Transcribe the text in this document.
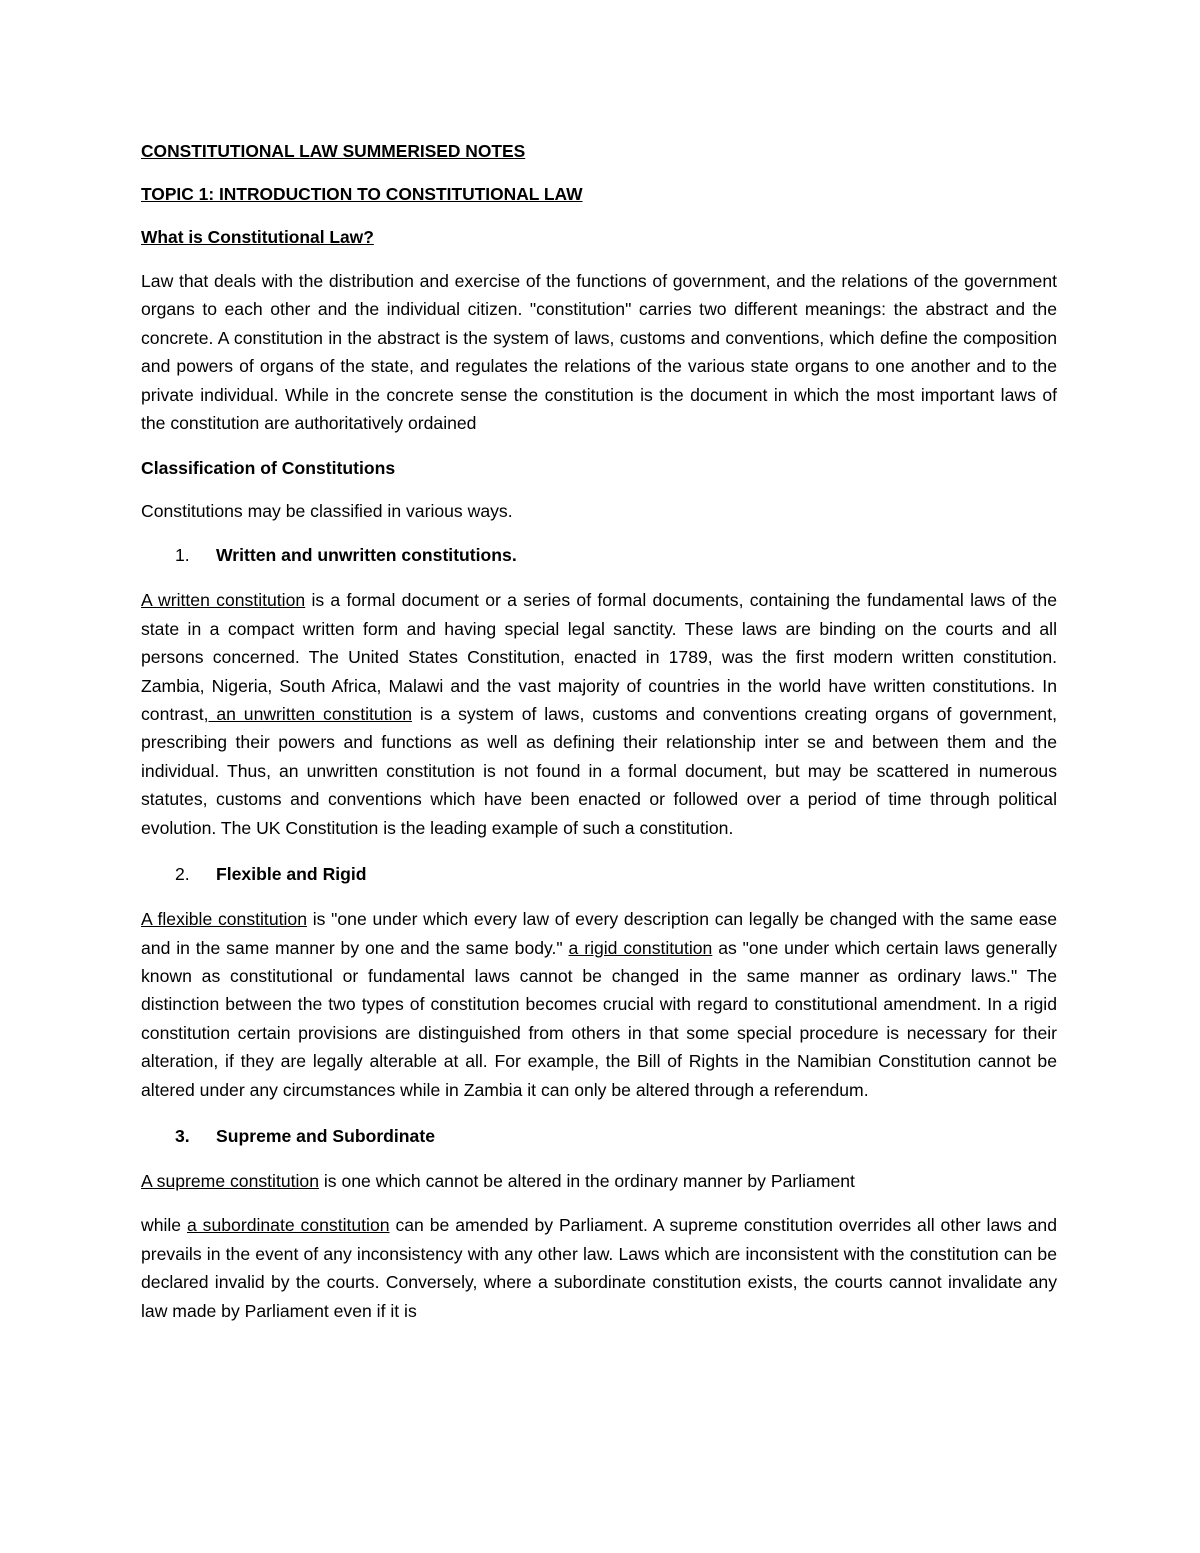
CONSTITUTIONAL LAW SUMMERISED NOTES

TOPIC 1: INTRODUCTION TO CONSTITUTIONAL LAW

What is Constitutional Law?

Law that deals with the distribution and exercise of the functions of government, and the relations of the government organs to each other and the individual citizen. "constitution" carries two different meanings: the abstract and the concrete. A constitution in the abstract is the system of laws, customs and conventions, which define the composition and powers of organs of the state, and regulates the relations of the various state organs to one another and to the private individual. While in the concrete sense the constitution is the document in which the most important laws of the constitution are authoritatively ordained

Classification of Constitutions

Constitutions may be classified in various ways.

1.	Written and unwritten constitutions.

A written constitution is a formal document or a series of formal documents, containing the fundamental laws of the state in a compact written form and having special legal sanctity. These laws are binding on the courts and all persons concerned. The United States Constitution, enacted in 1789, was the first modern written constitution. Zambia, Nigeria, South Africa, Malawi and the vast majority of countries in the world have written constitutions. In contrast, an unwritten constitution is a system of laws, customs and conventions creating organs of government, prescribing their powers and functions as well as defining their relationship inter se and between them and the individual. Thus, an unwritten constitution is not found in a formal document, but may be scattered in numerous statutes, customs and conventions which have been enacted or followed over a period of time through political evolution. The UK Constitution is the leading example of such a constitution.

2.	Flexible and Rigid

A flexible constitution is "one under which every law of every description can legally be changed with the same ease and in the same manner by one and the same body." a rigid constitution as "one under which certain laws generally known as constitutional or fundamental laws cannot be changed in the same manner as ordinary laws." The distinction between the two types of constitution becomes crucial with regard to constitutional amendment. In a rigid constitution certain provisions are distinguished from others in that some special procedure is necessary for their alteration, if they are legally alterable at all. For example, the Bill of Rights in the Namibian Constitution cannot be altered under any circumstances while in Zambia it can only be altered through a referendum.

3.	Supreme and Subordinate

A supreme constitution is one which cannot be altered in the ordinary manner by Parliament

while a subordinate constitution can be amended by Parliament. A supreme constitution overrides all other laws and prevails in the event of any inconsistency with any other law. Laws which are inconsistent with the constitution can be declared invalid by the courts. Conversely, where a subordinate constitution exists, the courts cannot invalidate any law made by Parliament even if it is
